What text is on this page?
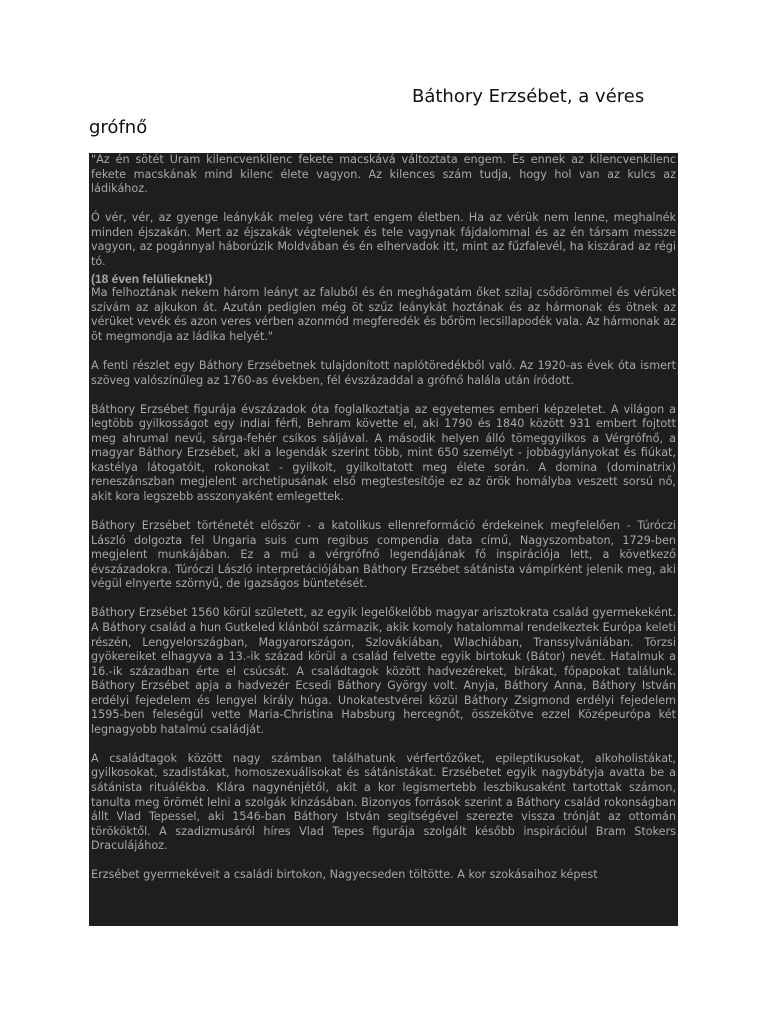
Báthory Erzsébet, a véres
grófnő

"Az én sötét Uram kilencvenkilenc fekete macskává változtata engem. És ennek az kilencvenkilenc fekete macskának mind kilenc élete vagyon. Az kilences szám tudja, hogy hol van az kulcs az ládikához.

Ó vér, vér, az gyenge leánykák meleg vére tart engem életben. Ha az vérük nem lenne, meghalnék minden éjszakán. Mert az éjszakák végtelenek és tele vagynak fájdalommal és az én társam messze vagyon, az pogánnyal háborúzik Moldvában és én elhervadok itt, mint az fűzfalevél, ha kiszárad az régi tó.

(18 éven felülieknek!)

Ma felhoztának nekem három leányt az faluból és én meghágatám őket szilaj csődörömmel és vérüket szívám az ajkukon át. Azután pediglen még öt szűz leánykát hoztának és az hármonak és ötnek az vérüket vevék és azon veres vérben azonmód megferedék és bőröm lecsillapodék vala. Az hármonak az öt megmondja az ládika helyét."

A fenti részlet egy Báthory Erzsébetnek tulajdonított naplótöredékből való. Az 1920-as évek óta ismert szöveg valószínűleg az 1760-as években, fél évszázaddal a grófnő halála után íródott.

Báthory Erzsébet figurája évszázadok óta foglalkoztatja az egyetemes emberi képzeletet. A világon a legtöbb gyilkosságot egy indiai férfi, Behram követte el, aki 1790 és 1840 között 931 embert fojtott meg ahrumal nevű, sárga-fehér csíkos sáljával. A második helyen álló tömeggyilkos a Vérgrófnő, a magyar Báthory Erzsébet, aki a legendák szerint több, mint 650 személyt - jobbágylányokat és fiúkat, kastélya látogatóit, rokonokat - gyilkolt, gyilkoltatott meg élete során. A domina (dominatrix) reneszánszban megjelent archetípusának első megtestesítője ez az örök homályba veszett sorsú nő, akit kora legszebb asszonyaként emlegettek.

Báthory Erzsébet történetét először - a katolikus ellenreformáció érdekeinek megfelelően - Túróczi László dolgozta fel Ungaria suis cum regibus compendia data című, Nagyszombaton, 1729-ben megjelent munkájában. Ez a mű a vérgrófnő legendájának fő inspirációja lett, a következő évszázadokra. Túróczi László interpretációjában Báthory Erzsébet sátánista vámpírként jelenik meg, aki végül elnyerte szörnyű, de igazságos büntetését.

Báthory Erzsébet 1560 körül született, az egyik legelőkelőbb magyar arisztokrata család gyermekeként. A Báthory család a hun Gutkeled klánból származik, akik komoly hatalommal rendelkeztek Európa keleti részén, Lengyelországban, Magyarországon, Szlovákiában, Wlachiában, Transsylvániában. Törzsi gyökereiket elhagyva a 13.-ik század körül a család felvette egyik birtokuk (Bátor) nevét. Hatalmuk a 16.-ik században érte el csúcsát. A családtagok között hadvezéreket, bírákat, főpapokat találunk. Báthory Erzsébet apja a hadvezér Ecsedi Báthory György volt. Anyja, Báthory Anna, Báthory István erdélyi fejedelem és lengyel király húga. Unokatestvérei közül Báthory Zsigmond erdélyi fejedelem 1595-ben feleségül vette Maria-Christina Habsburg hercegnőt, összekötve ezzel Középeurópa két legnagyobb hatalmú családját.

A családtagok között nagy számban találhatunk vérfertőzőket, epileptikusokat, alkoholistákat, gyilkosokat, szadistákat, homoszexuálisokat és sátánistákat. Erzsébetet egyik nagybátyja avatta be a sátánista rituálékba. Klára nagynénjétől, akit a kor legismertebb leszbikusaként tartottak számon, tanulta meg örömét lelni a szolgák kínzásában. Bizonyos források szerint a Báthory család rokonságban állt Vlad Tepessel, aki 1546-ban Báthory István segítségével szerezte vissza trónját az ottomán törököktől. A szadizmusáról híres Vlad Tepes figurája szolgált később inspirációul Bram Stokers Draculájához.

Erzsébet gyermekéveit a családi birtokon, Nagyecseden töltötte. A kor szokásaihoz képest
